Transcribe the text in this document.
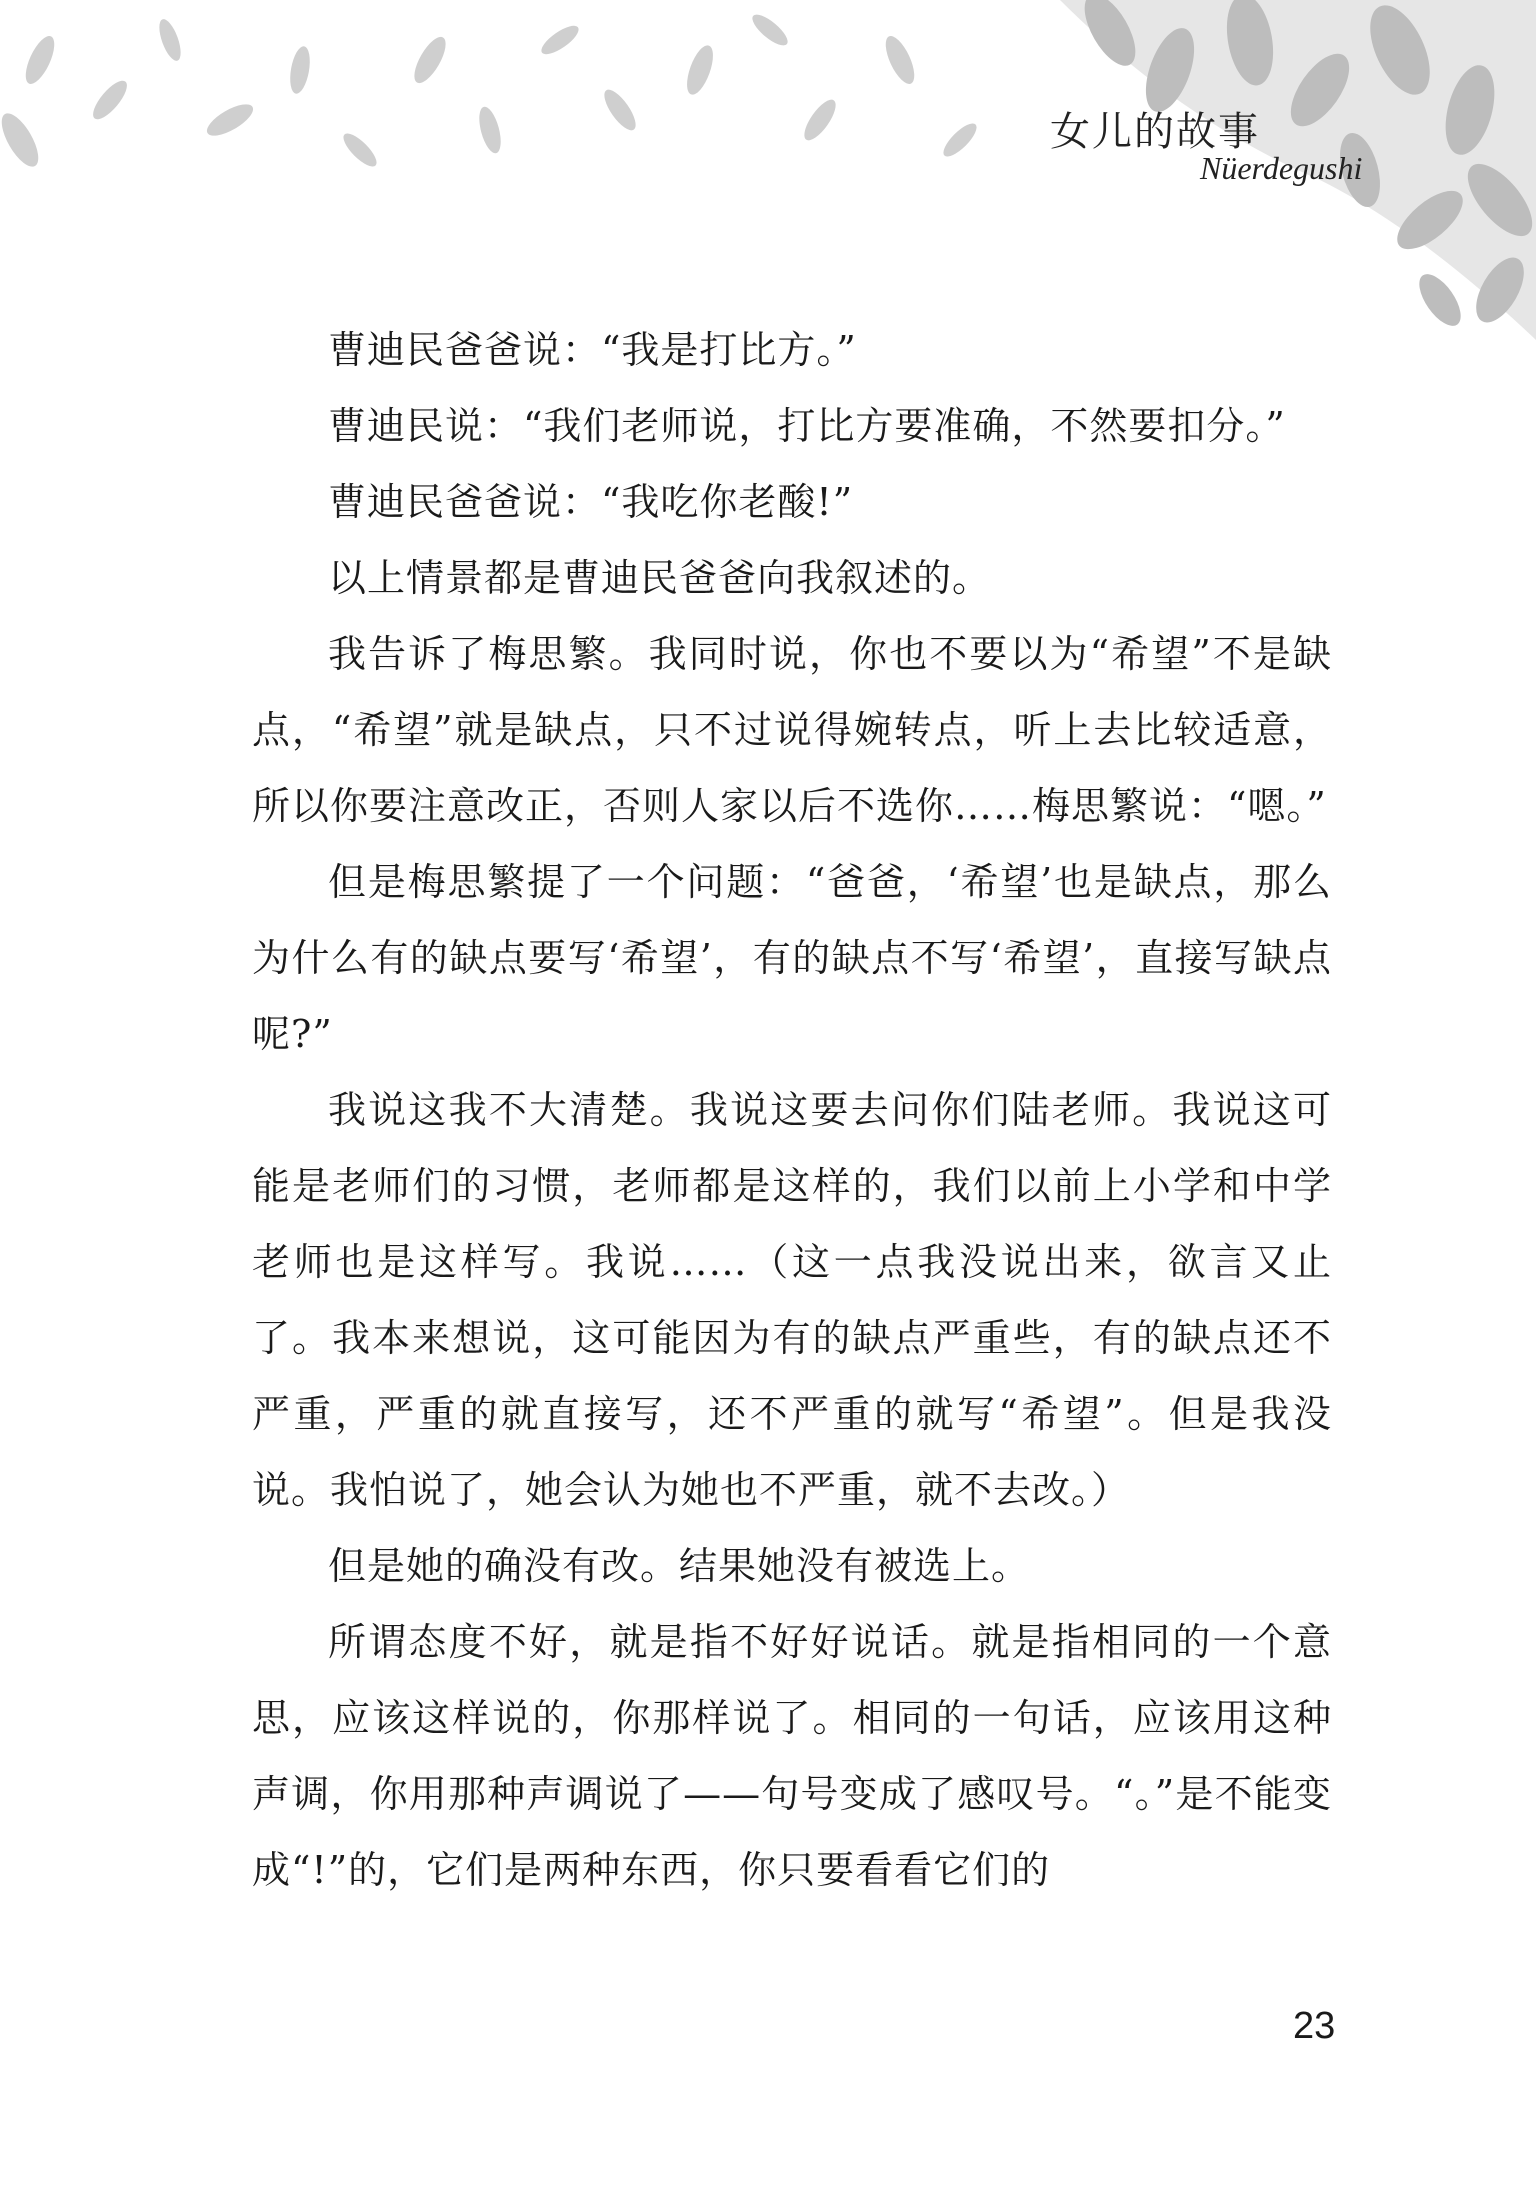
女儿的故事
Nüerdegushi

曹迪民爸爸说：“我是打比方。”

曹迪民说：“我们老师说，打比方要准确，不然要扣分。”

曹迪民爸爸说：“我吃你老酸!”

以上情景都是曹迪民爸爸向我叙述的。

我告诉了梅思繁。我同时说，你也不要以为“希望”不是缺点，“希望”就是缺点，只不过说得婉转点，听上去比较适意，所以你要注意改正，否则人家以后不选你……梅思繁说：“嗯。”

但是梅思繁提了一个问题：“爸爸，‘希望’也是缺点，那么为什么有的缺点要写‘希望’，有的缺点不写‘希望’，直接写缺点呢?”

我说这我不大清楚。我说这要去问你们陆老师。我说这可能是老师们的习惯，老师都是这样的，我们以前上小学和中学老师也是这样写。我说……（这一点我没说出来，欲言又止了。我本来想说，这可能因为有的缺点严重些，有的缺点还不严重，严重的就直接写，还不严重的就写“希望”。但是我没说。我怕说了，她会认为她也不严重，就不去改。）

但是她的确没有改。结果她没有被选上。

所谓态度不好，就是指不好好说话。就是指相同的一个意思，应该这样说的，你那样说了。相同的一句话，应该用这种声调，你用那种声调说了——句号变成了感叹号。“。”是不能变成“!”的，它们是两种东西，你只要看看它们的

23
